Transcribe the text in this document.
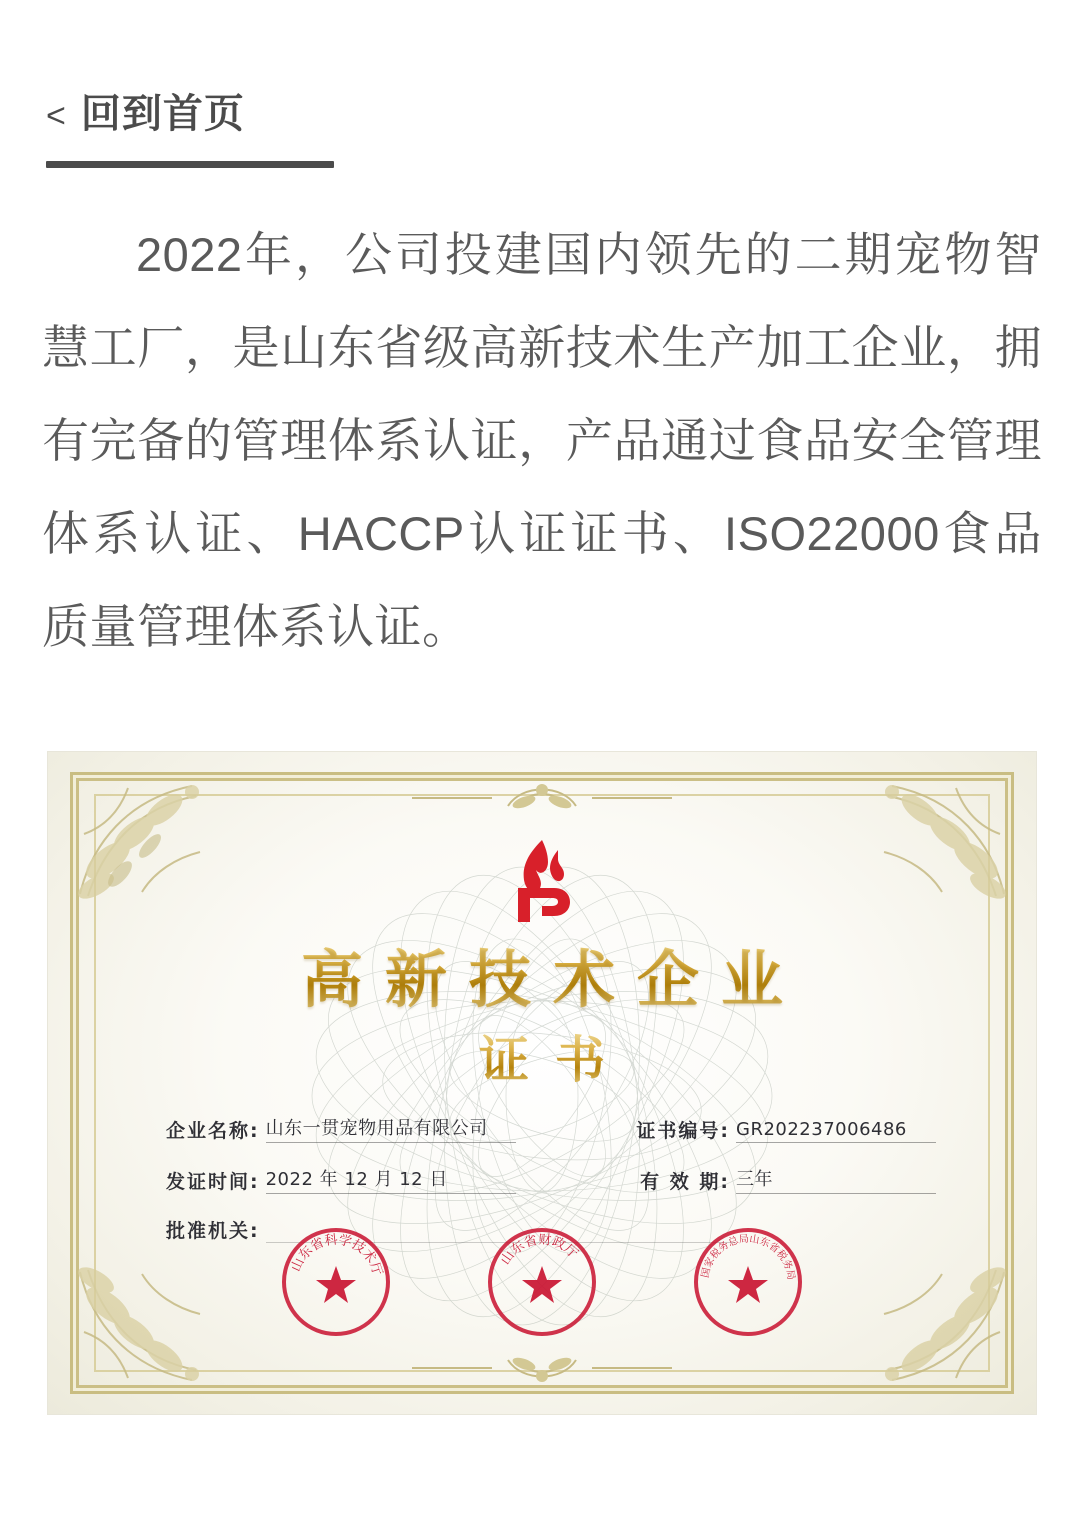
< 回到首页
2022年，公司投建国内领先的二期宠物智慧工厂，是山东省级高新技术生产加工企业，拥有完备的管理体系认证，产品通过食品安全管理体系认证、HACCP认证证书、ISO22000食品质量管理体系认证。
高新技术企业
证书
企业名称: 山东一贯宠物用品有限公司	证书编号: GR202237006486
发证时间: 2022 年 12 月 12 日	有 效 期: 三年
批准机关:
山东省科学技术厅
山东省财政厅
国家税务总局山东省税务局
